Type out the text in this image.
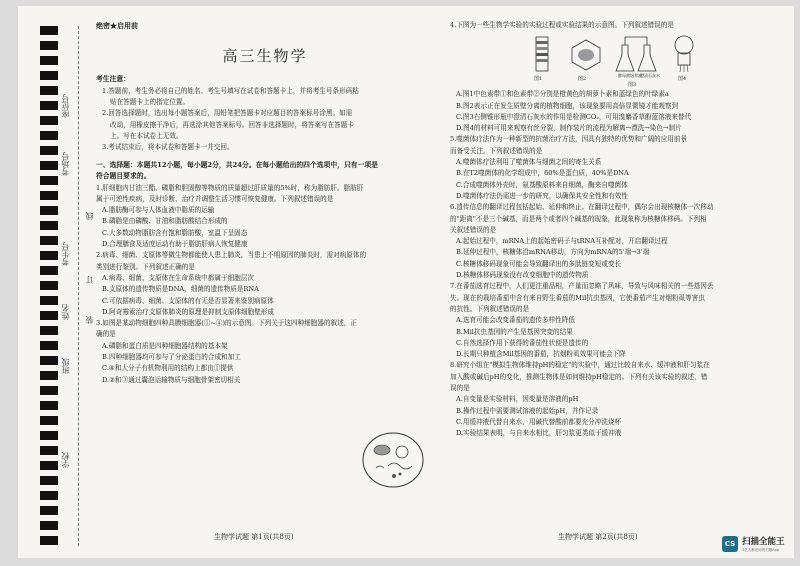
学校
班级
姓名
考生号
考场号
座位号
装
订
线
绝密★启用前
高三生物学
考生注意：
1.答题前，考生务必将自己的姓名、考生号填写在试卷和答题卡上，并将考生号条形码粘
贴在答题卡上的指定位置。
2.回答选择题时，选出每小题答案后，用铅笔把答题卡对应题目的答案标号涂黑。如需
改动，用橡皮擦干净后，再选涂其他答案标号。回答非选择题时，将答案写在答题卡
上。写在本试卷上无效。
3.考试结束后，将本试卷和答题卡一并交回。
一、选择题：本题共12小题，每小题2分，共24分。在每小题给出的四个选项中，只有一项是
符合题目要求的。
1.肝细胞内甘油三酯、磷脂和胆固醇等物质的质量超过肝质量的5%时，称为脂肪肝。脂肪肝
属于可逆性疾病，及时诊断、治疗并调整生活习惯可恢复健康。下列叙述错误的是
A.脂肪酶可参与人体血液中脂质的运输
B.磷脂是由磷酸、甘油和脂肪酸结合形成的
C.大多数动物脂肪含有饱和脂肪酸，室温下呈固态
D.合理膳食及适度运动有助于脂肪肝病人恢复健康
2.病毒、细菌、支原体等微生物都能使人患上肺炎，当患上不明原因的肺炎时，需对病原体的
类别进行鉴别。下列叙述正确的是
A.病毒、细菌、支原体在生命系统中都属于细胞层次
B.支原体的遗传物质是DNA，细菌的遗传物质是RNA
C.可依据病毒、细菌、支原体的有无是否显著来鉴别病原体
D.阿奇霉素治疗支原体肺炎的原理是抑制支原体细胞壁形成
3.如图是某动物细胞四种具膜细胞器(①~④)的示意图。下列关于这四种细胞器的叙述，正
确的是
A.磷脂和蛋白质是四种细胞器结构的基本架
B.四种细胞器均可参与了分泌蛋白的合成和加工
C.④和大分子有机物利用的结构上都由①提供
D.②和③通过囊泡运输物质与细胞骨架密切相关
生物学试题 第1页(共8页)
4.下图为一些生物学实验的实验过程或实验结果的示意图。下列叙述错误的是
图1	图2
酵母菌培养液
澄清石灰水
图3
图4
A.图1中色素带①和色素带②分别是橙黄色的胡萝卜素和蓝绿色的叶绿素a
B.图2表示正在发生质壁分离的植物细胞，该现象要用高倍显微镜才能观察到
C.图3右侧锥形瓶中澄清石灰水的作用是检测CO₂，可用溴麝香草酚蓝溶液来替代
D.图4的材料可用来观察有丝分裂，制作装片的流程为解离→漂洗→染色→制片
5.噬菌体疗法作为一种新型的抗菌治疗方法，因具有独特的优势和广阔的应用前景
而备受关注。下列叙述错误的是
A.噬菌体疗法利用了噬菌体与细菌之间的寄生关系
B.在T2噬菌体的化学组成中，60%是蛋白质，40%是DNA
C.合成噬菌体外壳时，氨基酸原料来自细菌，酶来自噬菌体
D.噬菌体疗法仍需进一步的研究，以确保其安全性和有效性
6.遗传信息的翻译过程包括起始、延伸和终止。在翻译过程中，偶尔会出现核糖体一次移动
的"距离"不是三个碱基，而是两个或者四个碱基的现象，此现象称为核糖体移码。下列相
关叙述错误的是
A.起始过程中，mRNA上的起始密码子与tRNA互补配对，开启翻译过程
B.延伸过程中，核糖体沿mRNA移动，方向为mRNA的5'端→3'端
C.核糖体移码现象可能会导致翻译出的多肽链变短或变长
D.核糖体移码现象没有改变细胞中的遗传物质
7.在番茄选育过程中，人们更注重品相，产量而忽略了风味，导致与风味相关的一些基因丢
失。现在的栽培番茄中含有来自野生番茄的Mil抗虫基因，它使番茄产生对烟粉虱等害虫
的抗性。下列叙述错误的是
A.选育可能会改变番茄的遗传多样性降低
B.Mil抗虫基因的产生是基因突变的结果
C.自然选择作用下获得的番茄性状便是遗传的
D.长期只种植含Mil基因的番茄，抗烟粉虱效果可能会下降
8.研究小组在"模拟生物体维持pH的稳定"的实验中，通过比较自来水、缓冲液和肝匀浆在
加入酸或碱后pH的变化，推测生物体是如何维持pH稳定的。下列有关该实验的叙述，错
误的是
A.自变量是实验材料，因变量是溶液的pH
B.操作过程中需要测试溶液的起始pH，并作记录
C.用缓冲液代替自来水，用碱代替酸前都要充分冲洗烧杯
D.实验结果表明，与自来水相比，肝匀浆更类似于缓冲液
生物学试题 第2页(共8页)
CS 扫描全能王
3亿人都在用的扫描App
